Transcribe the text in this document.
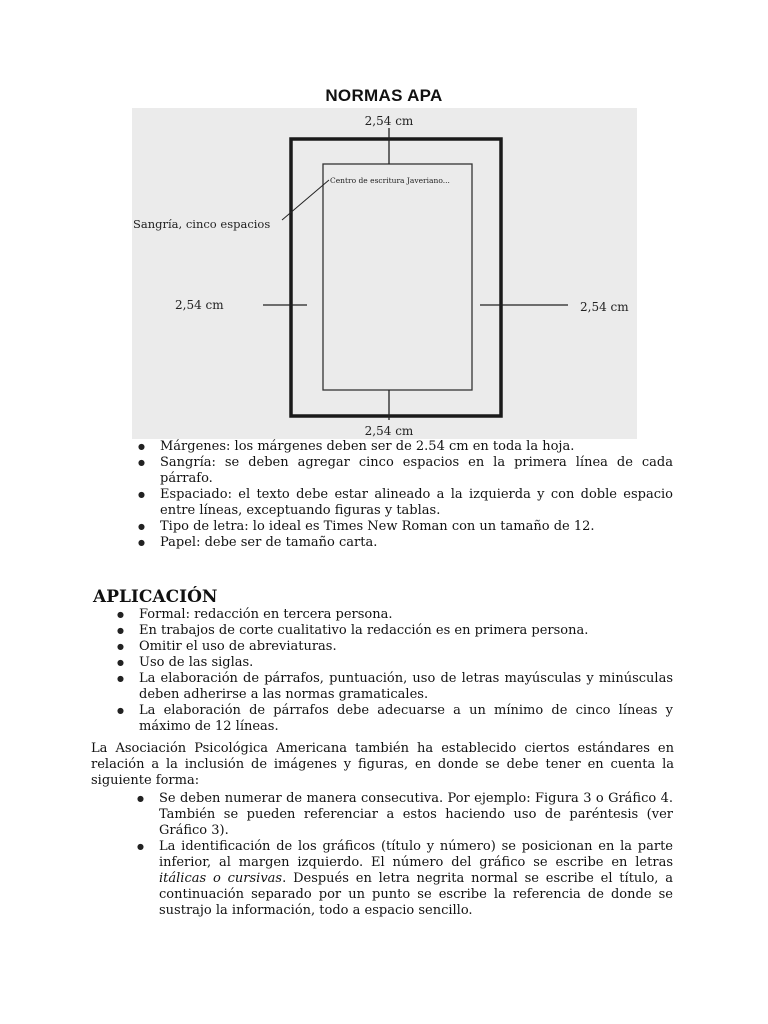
NORMAS APA
2,54 cm
2,54 cm
2,54 cm	2,54 cm
Sangría, cinco espacios
Centro de escritura Javeriano...
● Márgenes: los márgenes deben ser de 2.54 cm en toda la hoja.
● Sangría: se deben agregar cinco espacios en la primera línea de cada párrafo.
● Espaciado: el texto debe estar alineado a la izquierda y con doble espacio entre líneas, exceptuando figuras y tablas.
● Tipo de letra: lo ideal es Times New Roman con un tamaño de 12.
● Papel: debe ser de tamaño carta.
APLICACIÓN
● Formal: redacción en tercera persona.
● En trabajos de corte cualitativo la redacción es en primera persona.
● Omitir el uso de abreviaturas.
● Uso de las siglas.
● La elaboración de párrafos, puntuación, uso de letras mayúsculas y minúsculas deben adherirse a las normas gramaticales.
● La elaboración de párrafos debe adecuarse a un mínimo de cinco líneas y máximo de 12 líneas.
La Asociación Psicológica Americana también ha establecido ciertos estándares en relación a la inclusión de imágenes y figuras, en donde se debe tener en cuenta la siguiente forma:
● Se deben numerar de manera consecutiva. Por ejemplo: Figura 3 o Gráfico 4. También se pueden referenciar a estos haciendo uso de paréntesis (ver Gráfico 3).
● La identificación de los gráficos (título y número) se posicionan en la parte inferior, al margen izquierdo. El número del gráfico se escribe en letras itálicas o cursivas. Después en letra negrita normal se escribe el título, a continuación separado por un punto se escribe la referencia de donde se sustrajo la información, todo a espacio sencillo.
